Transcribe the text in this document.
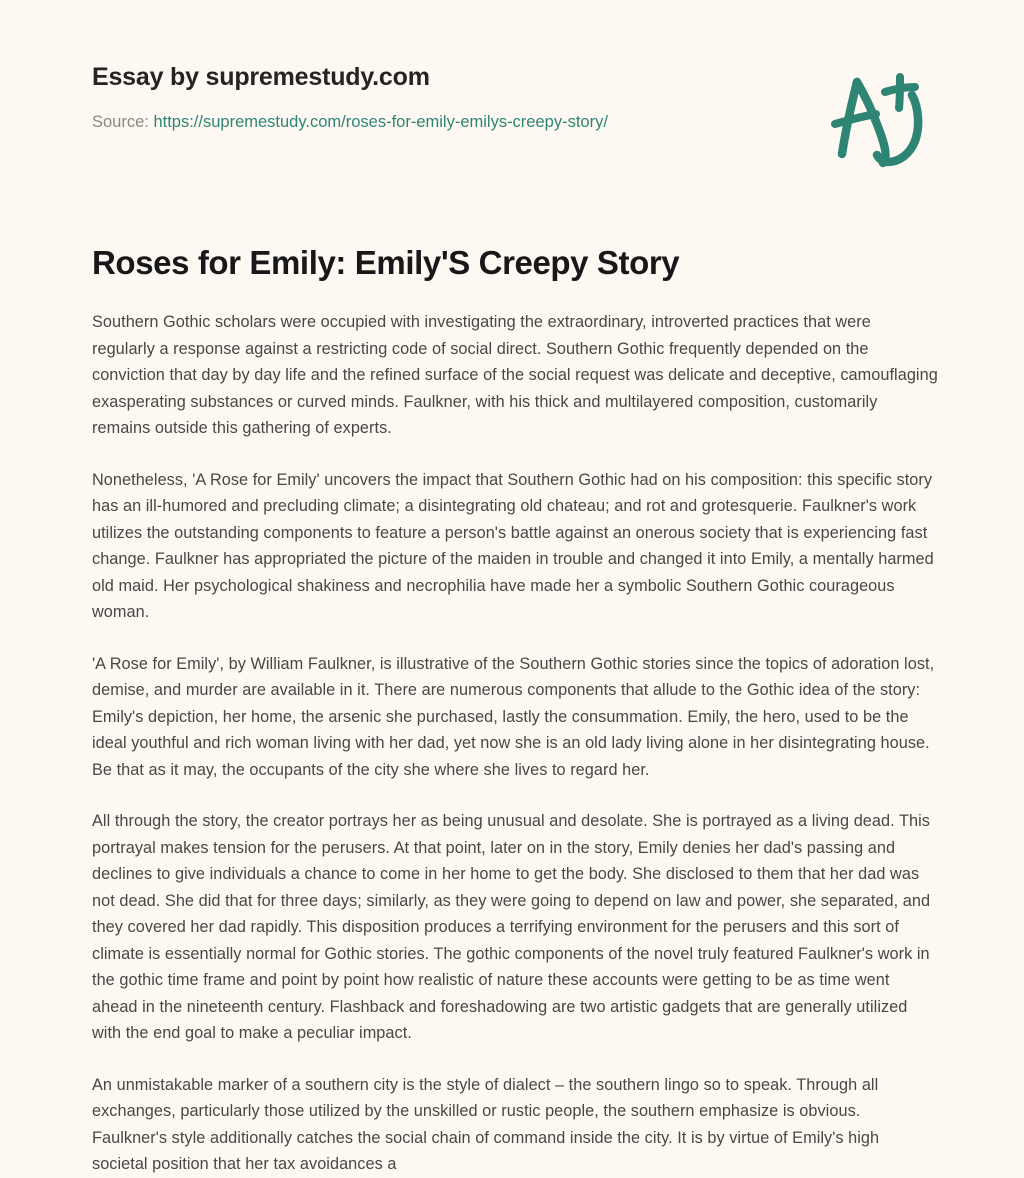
Essay by supremestudy.com
Source: https://supremestudy.com/roses-for-emily-emilys-creepy-story/
Roses for Emily: Emily'S Creepy Story

Southern Gothic scholars were occupied with investigating the extraordinary, introverted practices that were regularly a response against a restricting code of social direct. Southern Gothic frequently depended on the conviction that day by day life and the refined surface of the social request was delicate and deceptive, camouflaging exasperating substances or curved minds. Faulkner, with his thick and multilayered composition, customarily remains outside this gathering of experts.

Nonetheless, 'A Rose for Emily' uncovers the impact that Southern Gothic had on his composition: this specific story has an ill-humored and precluding climate; a disintegrating old chateau; and rot and grotesquerie. Faulkner's work utilizes the outstanding components to feature a person's battle against an onerous society that is experiencing fast change. Faulkner has appropriated the picture of the maiden in trouble and changed it into Emily, a mentally harmed old maid. Her psychological shakiness and necrophilia have made her a symbolic Southern Gothic courageous woman.

'A Rose for Emily', by William Faulkner, is illustrative of the Southern Gothic stories since the topics of adoration lost, demise, and murder are available in it. There are numerous components that allude to the Gothic idea of the story: Emily's depiction, her home, the arsenic she purchased, lastly the consummation. Emily, the hero, used to be the ideal youthful and rich woman living with her dad, yet now she is an old lady living alone in her disintegrating house. Be that as it may, the occupants of the city she where she lives to regard her.

All through the story, the creator portrays her as being unusual and desolate. She is portrayed as a living dead. This portrayal makes tension for the perusers. At that point, later on in the story, Emily denies her dad's passing and declines to give individuals a chance to come in her home to get the body. She disclosed to them that her dad was not dead. She did that for three days; similarly, as they were going to depend on law and power, she separated, and they covered her dad rapidly. This disposition produces a terrifying environment for the perusers and this sort of climate is essentially normal for Gothic stories. The gothic components of the novel truly featured Faulkner's work in the gothic time frame and point by point how realistic of nature these accounts were getting to be as time went ahead in the nineteenth century. Flashback and foreshadowing are two artistic gadgets that are generally utilized with the end goal to make a peculiar impact.

An unmistakable marker of a southern city is the style of dialect – the southern lingo so to speak. Through all exchanges, particularly those utilized by the unskilled or rustic people, the southern emphasize is obvious. Faulkner's style additionally catches the social chain of command inside the city. It is by virtue of Emily's high societal position that her tax avoidances a
